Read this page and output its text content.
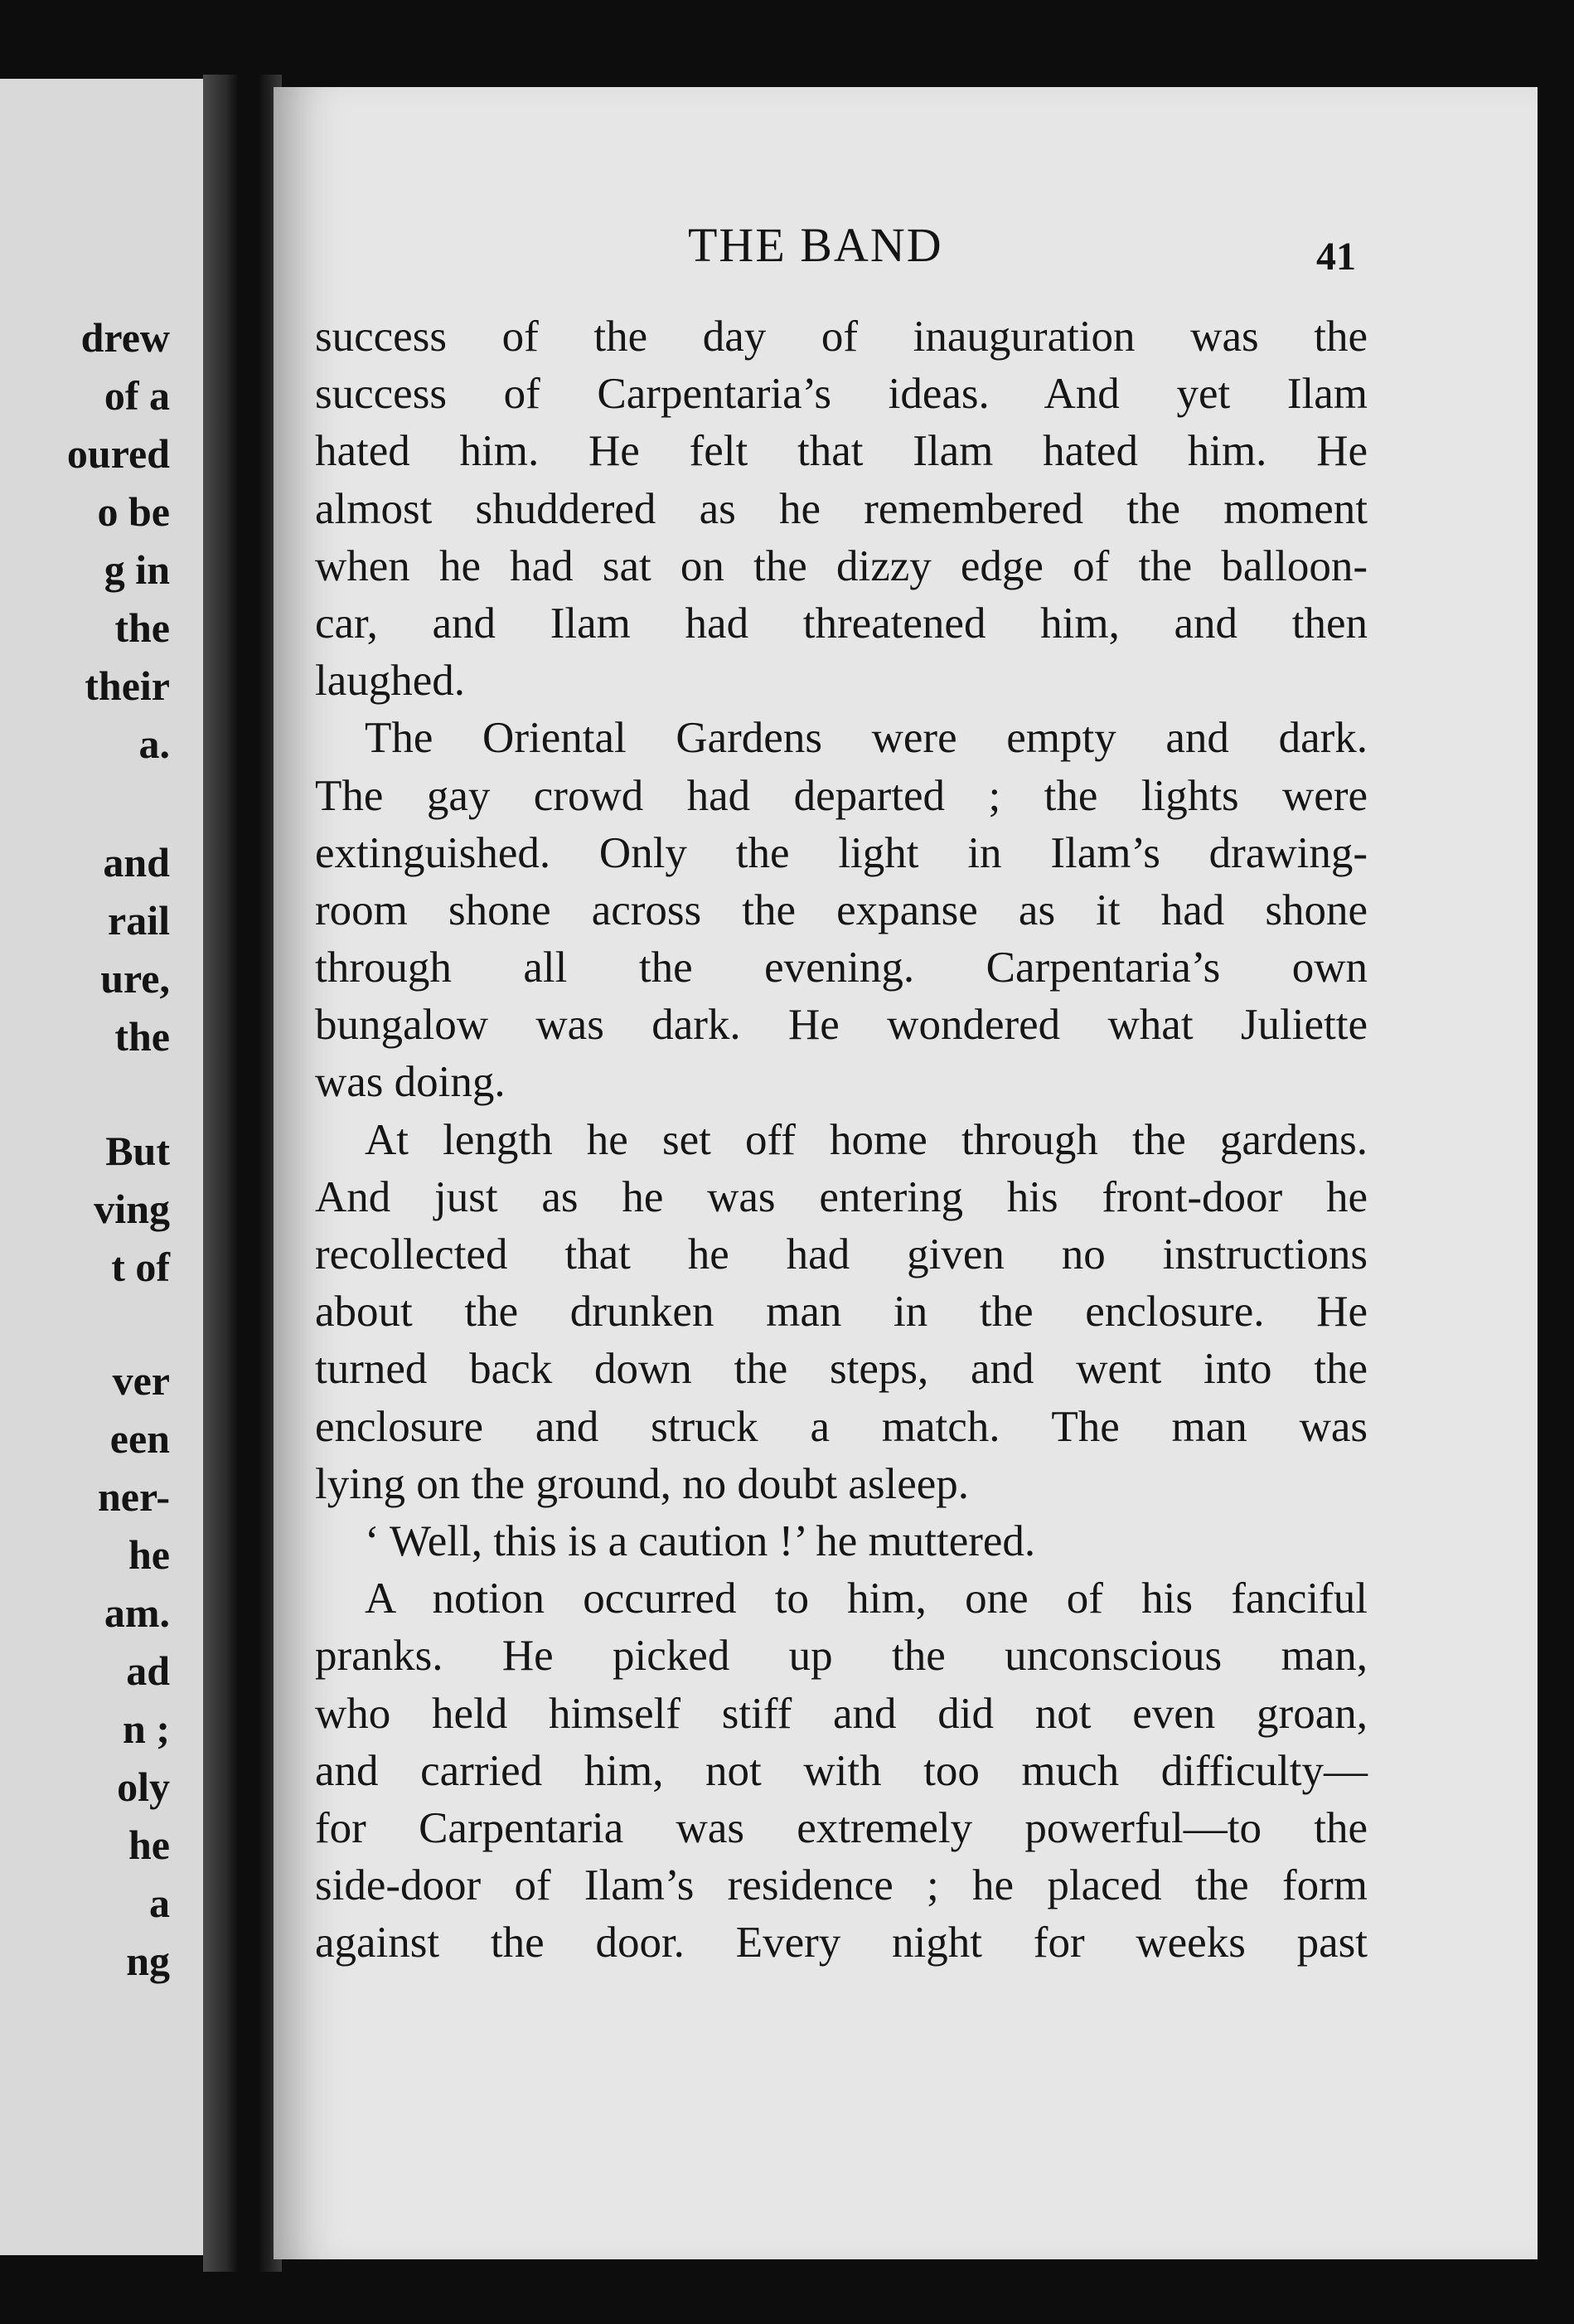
drew

of a

oured

o be

g in

the

their

a.

and

rail

ure,

the

But

ving

t of

ver

een

ner-

he

am.

ad

n ;

oly

he

a

ng

THE BAND	41

success of the day of inauguration was the

success of Carpentaria’s ideas. And yet Ilam

hated him. He felt that Ilam hated him. He

almost shuddered as he remembered the moment

when he had sat on the dizzy edge of the balloon-

car, and Ilam had threatened him, and then

laughed.

The Oriental Gardens were empty and dark.

The gay crowd had departed ; the lights were

extinguished. Only the light in Ilam’s drawing-

room shone across the expanse as it had shone

through all the evening. Carpentaria’s own

bungalow was dark. He wondered what Juliette

was doing.

At length he set off home through the gardens.

And just as he was entering his front-door he

recollected that he had given no instructions

about the drunken man in the enclosure. He

turned back down the steps, and went into the

enclosure and struck a match. The man was

lying on the ground, no doubt asleep.

‘ Well, this is a caution !’ he muttered.

A notion occurred to him, one of his fanciful

pranks. He picked up the unconscious man,

who held himself stiff and did not even groan,

and carried him, not with too much difficulty—

for Carpentaria was extremely powerful—to the

side-door of Ilam’s residence ; he placed the form

against the door. Every night for weeks past
